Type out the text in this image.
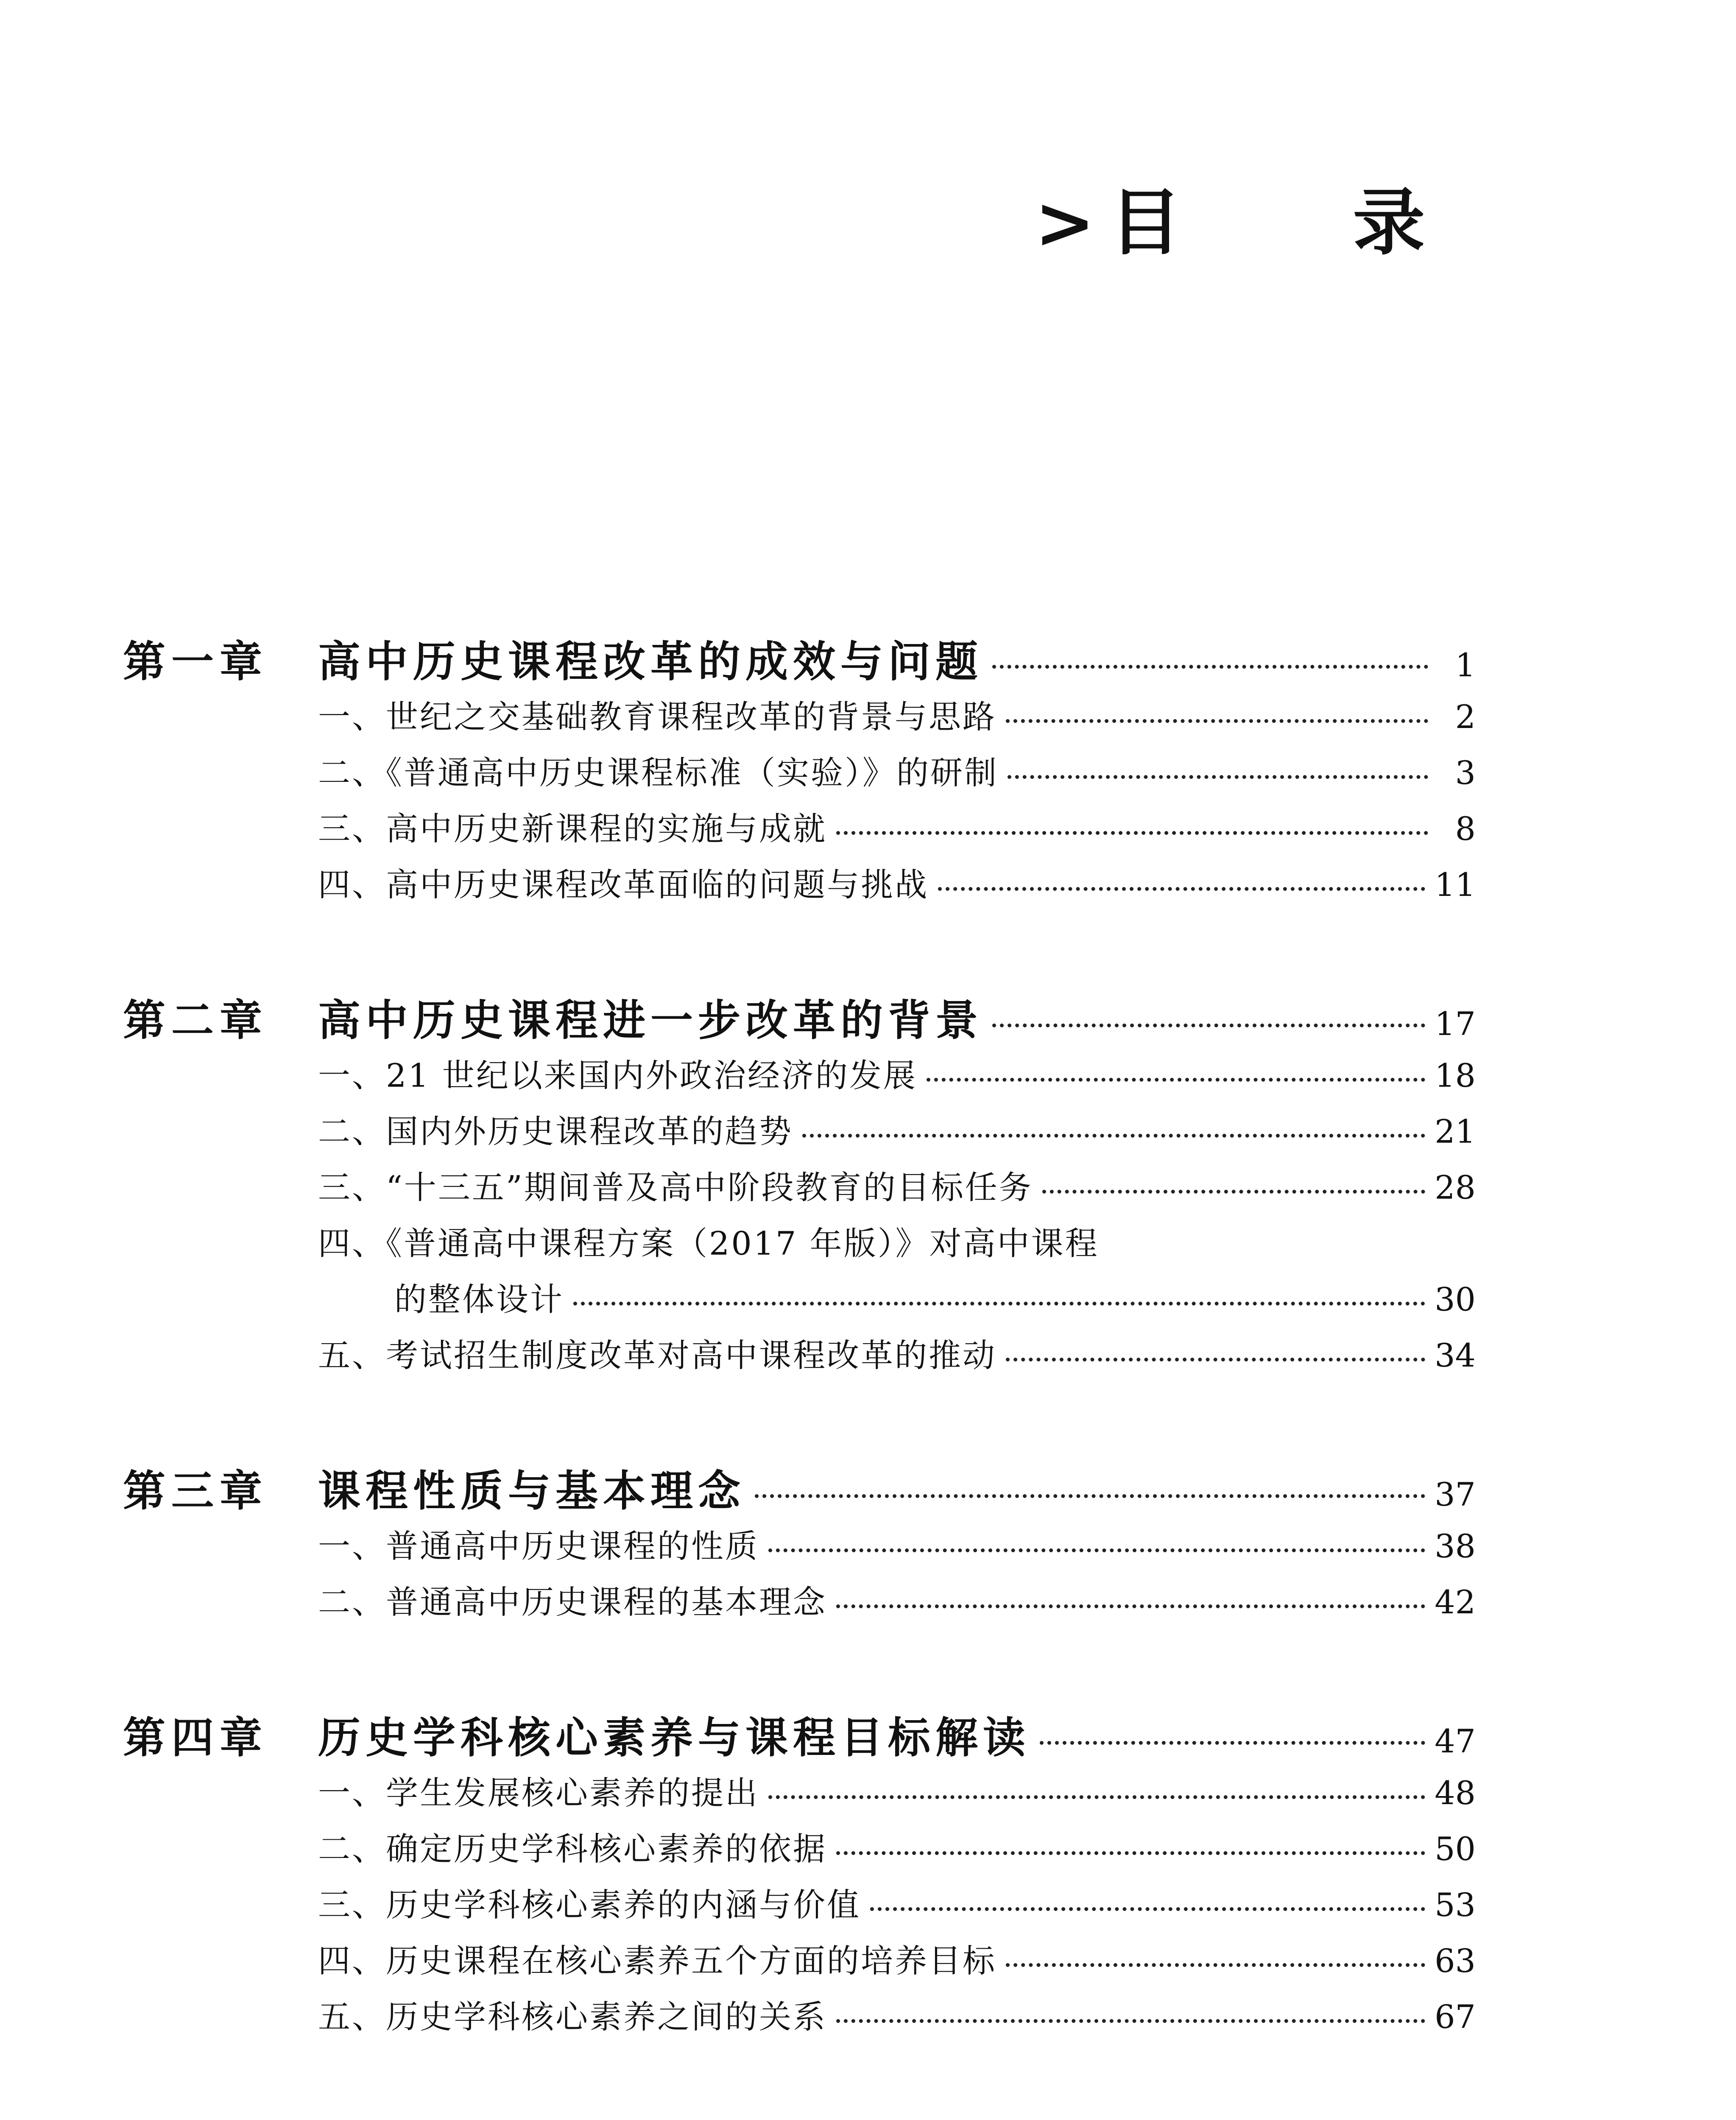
> 目 录
第一章	高中历史课程改革的成效与问题	1
一、世纪之交基础教育课程改革的背景与思路	2
二、《普通高中历史课程标准（实验）》的研制	3
三、高中历史新课程的实施与成就	8
四、高中历史课程改革面临的问题与挑战	11
第二章	高中历史课程进一步改革的背景	17
一、21 世纪以来国内外政治经济的发展	18
二、国内外历史课程改革的趋势	21
三、“十三五”期间普及高中阶段教育的目标任务	28
四、《普通高中课程方案（2017 年版）》对高中课程
的整体设计	30
五、考试招生制度改革对高中课程改革的推动	34
第三章	课程性质与基本理念	37
一、普通高中历史课程的性质	38
二、普通高中历史课程的基本理念	42
第四章	历史学科核心素养与课程目标解读	47
一、学生发展核心素养的提出	48
二、确定历史学科核心素养的依据	50
三、历史学科核心素养的内涵与价值	53
四、历史课程在核心素养五个方面的培养目标	63
五、历史学科核心素养之间的关系	67
